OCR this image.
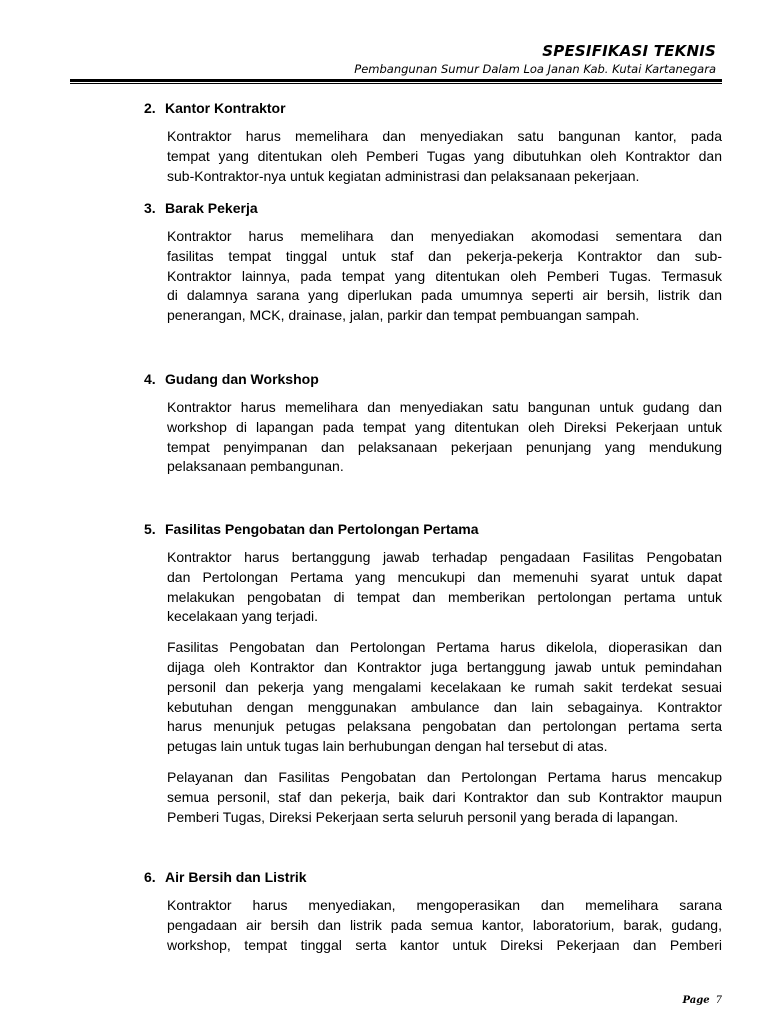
SPESIFIKASI TEKNIS
Pembangunan Sumur Dalam Loa Janan Kab. Kutai Kartanegara
2. Kantor Kontraktor
Kontraktor harus memelihara dan menyediakan satu bangunan kantor, pada
tempat yang ditentukan oleh Pemberi Tugas yang dibutuhkan oleh Kontraktor dan
sub-Kontraktor-nya untuk kegiatan administrasi dan pelaksanaan pekerjaan.
3. Barak Pekerja
Kontraktor harus memelihara dan menyediakan akomodasi sementara dan
fasilitas tempat tinggal untuk staf dan pekerja-pekerja Kontraktor dan sub-
Kontraktor lainnya, pada tempat yang ditentukan oleh Pemberi Tugas. Termasuk
di dalamnya sarana yang diperlukan pada umumnya seperti air bersih, listrik dan
penerangan, MCK, drainase, jalan, parkir dan tempat pembuangan sampah.
4. Gudang dan Workshop
Kontraktor harus memelihara dan menyediakan satu bangunan untuk gudang dan
workshop di lapangan pada tempat yang ditentukan oleh Direksi Pekerjaan untuk
tempat penyimpanan dan pelaksanaan pekerjaan penunjang yang mendukung
pelaksanaan pembangunan.
5. Fasilitas Pengobatan dan Pertolongan Pertama
Kontraktor harus bertanggung jawab terhadap pengadaan Fasilitas Pengobatan
dan Pertolongan Pertama yang mencukupi dan memenuhi syarat untuk dapat
melakukan pengobatan di tempat dan memberikan pertolongan pertama untuk
kecelakaan yang terjadi.
Fasilitas Pengobatan dan Pertolongan Pertama harus dikelola, dioperasikan dan
dijaga oleh Kontraktor dan Kontraktor juga bertanggung jawab untuk pemindahan
personil dan pekerja yang mengalami kecelakaan ke rumah sakit terdekat sesuai
kebutuhan dengan menggunakan ambulance dan lain sebagainya. Kontraktor
harus menunjuk petugas pelaksana pengobatan dan pertolongan pertama serta
petugas lain untuk tugas lain berhubungan dengan hal tersebut di atas.
Pelayanan dan Fasilitas Pengobatan dan Pertolongan Pertama harus mencakup
semua personil, staf dan pekerja, baik dari Kontraktor dan sub Kontraktor maupun
Pemberi Tugas, Direksi Pekerjaan serta seluruh personil yang berada di lapangan.
6. Air Bersih dan Listrik
Kontraktor harus menyediakan, mengoperasikan dan memelihara sarana
pengadaan air bersih dan listrik pada semua kantor, laboratorium, barak, gudang,
workshop, tempat tinggal serta kantor untuk Direksi Pekerjaan dan Pemberi
Page 7
